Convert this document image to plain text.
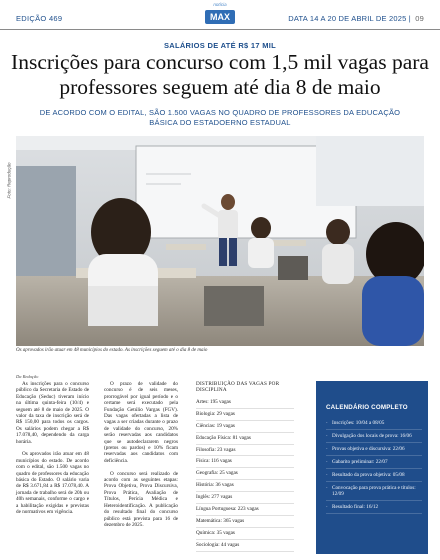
EDIÇÃO 469
notícia
MAX	DATA 14 A 20 DE ABRIL DE 2025 | 09
SALÁRIOS DE ATÉ R$ 17 MIL
Inscrições para concurso com 1,5 mil vagas para professores seguem até dia 8 de maio
DE ACORDO COM O EDITAL, SÃO 1.500 VAGAS NO QUADRO DE PROFESSORES DA EDUCAÇÃO BÁSICA DO ESTADOERNO ESTADUAL
Foto: Reprodução
Os aprovados irão atuar em 48 municípios do estado. As inscrições seguem até o dia 8 de maio
Da Redação

As inscrições para o concurso público da Secretaria de Estado de Educação (Seduc) tiveram início na última quinta-feira (10/4) e seguem até 8 de maio de 2025. O valor da taxa de inscrição será de R$ 150,00 para todos os cargos. Os salários podem chegar a R$ 17.078,40, dependendo da carga horária.

Os aprovados irão atuar em 48 municípios do estado. De acordo com o edital, são 1.500 vagas no quadro de professores da educação básica do Estado. O salário varia de R$ 3.671,84 a R$ 17.078,40. A jornada de trabalho será de 20h ou 40h semanais, conforme o cargo e a habilitação exigidas e previstas de normativos em vigência.

O prazo de validade do concurso é de seis meses, prorrogável por igual período e o certame será executado pela Fundação Getúlio Vargas (FGV). Das vagas ofertadas a lista de vagas a ser criadas durante o prazo de validade do concurso, 20% serão reservadas aos candidatos que se autodeclararem negros (pretos ou pardos) e 10% ficam reservadas aos candidatos com deficiência.

O concurso será realizado de acordo com as seguintes etapas: Prova Objetiva, Prova Discursiva, Prova Prática, Avaliação de Títulos, Perícia Médica e Heteroidentificação. A publicação do resultado final do concurso público está prevista para 16 de dezembro de 2025.

DISTRIBUIÇÃO DAS VAGAS POR DISCIPLINA
Artes: 195 vagas
Biologia: 29 vagas
Ciências: 19 vagas
Educação Física: 81 vagas
Filosofia: 23 vagas
Física: 116 vagas
Geografia: 25 vagas
História: 36 vagas
Inglês: 277 vagas
Língua Portuguesa: 223 vagas
Matemática: 365 vagas
Química: 35 vagas
Sociologia: 44 vagas
CALENDÁRIO COMPLETO
· Inscrições: 10/04 a 08/05
· Divulgação dos locais de prova: 16/06
· Provas objetiva e discursiva: 22/06
· Gabarito preliminar: 22/07
· Resultado da prova objetiva: 05/08
· Convocação para prova prática e títulos: 12/09
· Resultado final: 16/12
